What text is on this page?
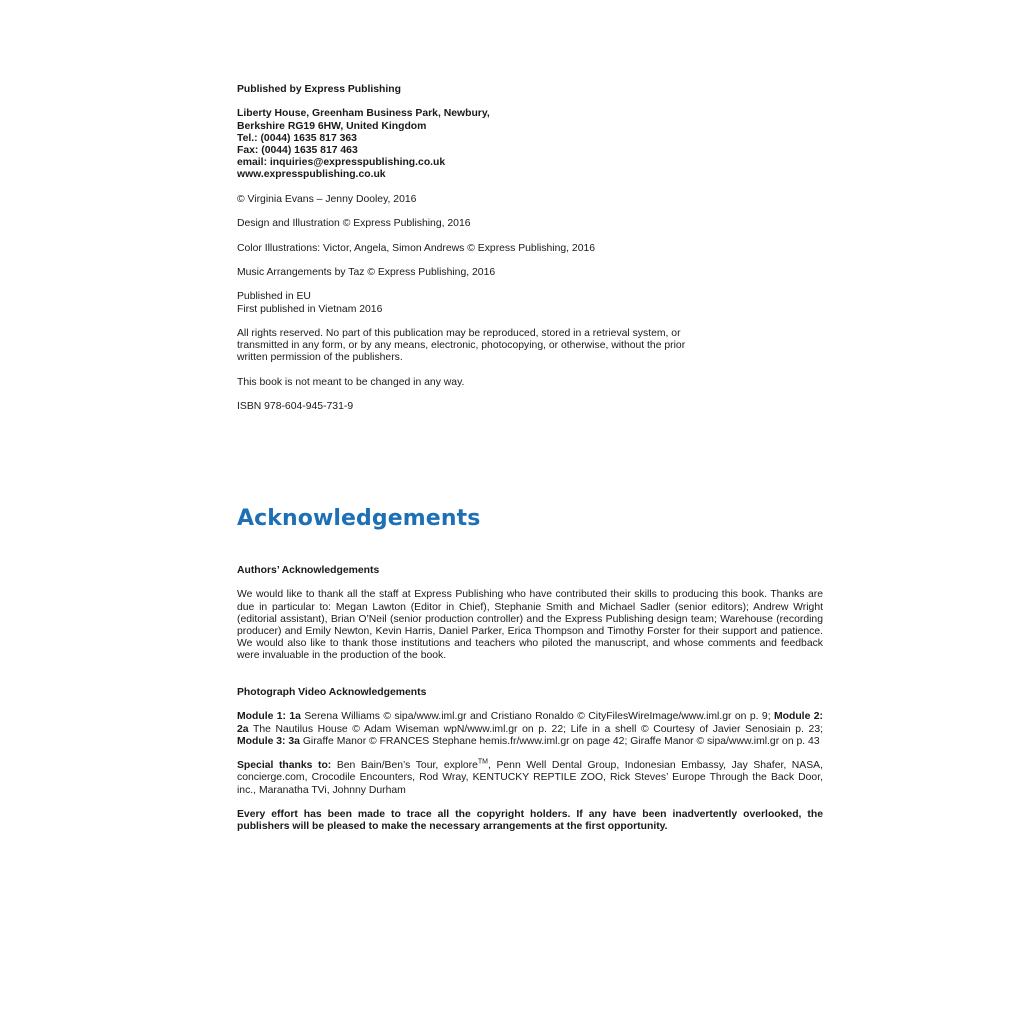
Published by Express Publishing

Liberty House, Greenham Business Park, Newbury,
Berkshire RG19 6HW, United Kingdom
Tel.: (0044) 1635 817 363
Fax: (0044) 1635 817 463
email: inquiries@expresspublishing.co.uk
www.expresspublishing.co.uk

© Virginia Evans – Jenny Dooley, 2016

Design and Illustration © Express Publishing, 2016

Color Illustrations: Victor, Angela, Simon Andrews © Express Publishing, 2016

Music Arrangements by Taz © Express Publishing, 2016

Published in EU
First published in Vietnam 2016

All rights reserved. No part of this publication may be reproduced, stored in a retrieval system, or
transmitted in any form, or by any means, electronic, photocopying, or otherwise, without the prior
written permission of the publishers.

This book is not meant to be changed in any way.

ISBN 978-604-945-731-9

Acknowledgements
Authors’ Acknowledgements

We would like to thank all the staff at Express Publishing who have contributed their skills to producing this book. Thanks are due in particular to: Megan Lawton (Editor in Chief), Stephanie Smith and Michael Sadler (senior editors); Andrew Wright (editorial assistant), Brian O’Neil (senior production controller) and the Express Publishing design team; Warehouse (recording producer) and Emily Newton, Kevin Harris, Daniel Parker, Erica Thompson and Timothy Forster for their support and patience. We would also like to thank those institutions and teachers who piloted the manuscript, and whose comments and feedback were invaluable in the production of the book.

Photograph Video Acknowledgements

Module 1: 1a Serena Williams © sipa/www.iml.gr and Cristiano Ronaldo © CityFilesWireImage/www.iml.gr on p. 9; Module 2: 2a The Nautilus House © Adam Wiseman wpN/www.iml.gr on p. 22; Life in a shell © Courtesy of Javier Senosiain p. 23; Module 3: 3a Giraffe Manor © FRANCES Stephane hemis.fr/www.iml.gr on page 42; Giraffe Manor © sipa/www.iml.gr on p. 43

Special thanks to: Ben Bain/Ben’s Tour, explore™, Penn Well Dental Group, Indonesian Embassy, Jay Shafer, NASA, concierge.com, Crocodile Encounters, Rod Wray, KENTUCKY REPTILE ZOO, Rick Steves’ Europe Through the Back Door, inc., Maranatha TVi, Johnny Durham

Every effort has been made to trace all the copyright holders. If any have been inadvertently overlooked, the publishers will be pleased to make the necessary arrangements at the first opportunity.
